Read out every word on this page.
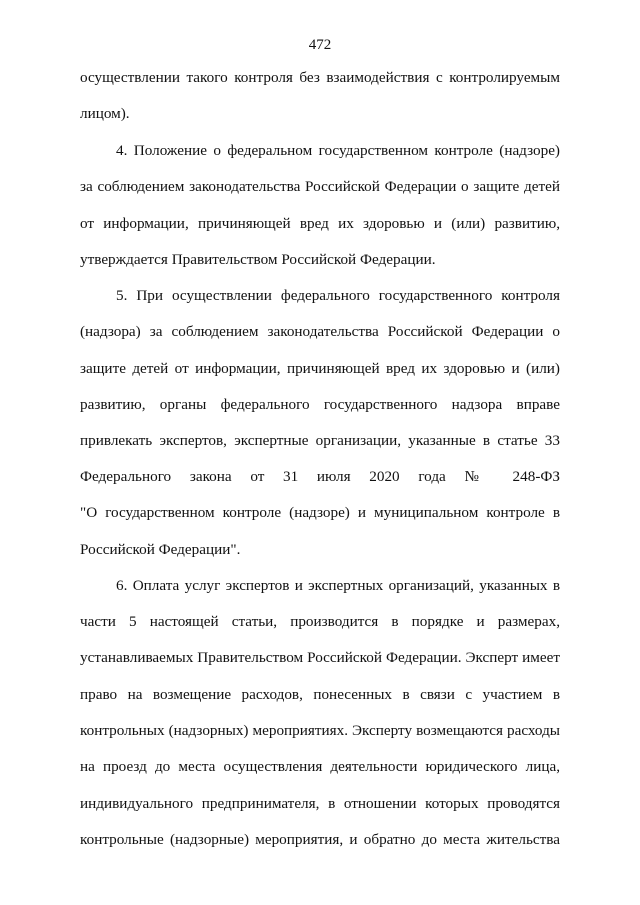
472
осуществлении такого контроля без взаимодействия с контролируемым
лицом).
4. Положение о федеральном государственном контроле (надзоре)
за соблюдением законодательства Российской Федерации о защите детей
от информации, причиняющей вред их здоровью и (или) развитию,
утверждается Правительством Российской Федерации.
5. При осуществлении федерального государственного контроля
(надзора) за соблюдением законодательства Российской Федерации о
защите детей от информации, причиняющей вред их здоровью и (или)
развитию, органы федерального государственного надзора вправе
привлекать экспертов, экспертные организации, указанные в статье 33
Федерального закона от 31 июля 2020 года № 248-ФЗ
"О государственном контроле (надзоре) и муниципальном контроле в
Российской Федерации".
6. Оплата услуг экспертов и экспертных организаций, указанных в
части 5 настоящей статьи, производится в порядке и размерах,
устанавливаемых Правительством Российской Федерации. Эксперт имеет
право на возмещение расходов, понесенных в связи с участием в
контрольных (надзорных) мероприятиях. Эксперту возмещаются расходы
на проезд до места осуществления деятельности юридического лица,
индивидуального предпринимателя, в отношении которых проводятся
контрольные (надзорные) мероприятия, и обратно до места жительства
